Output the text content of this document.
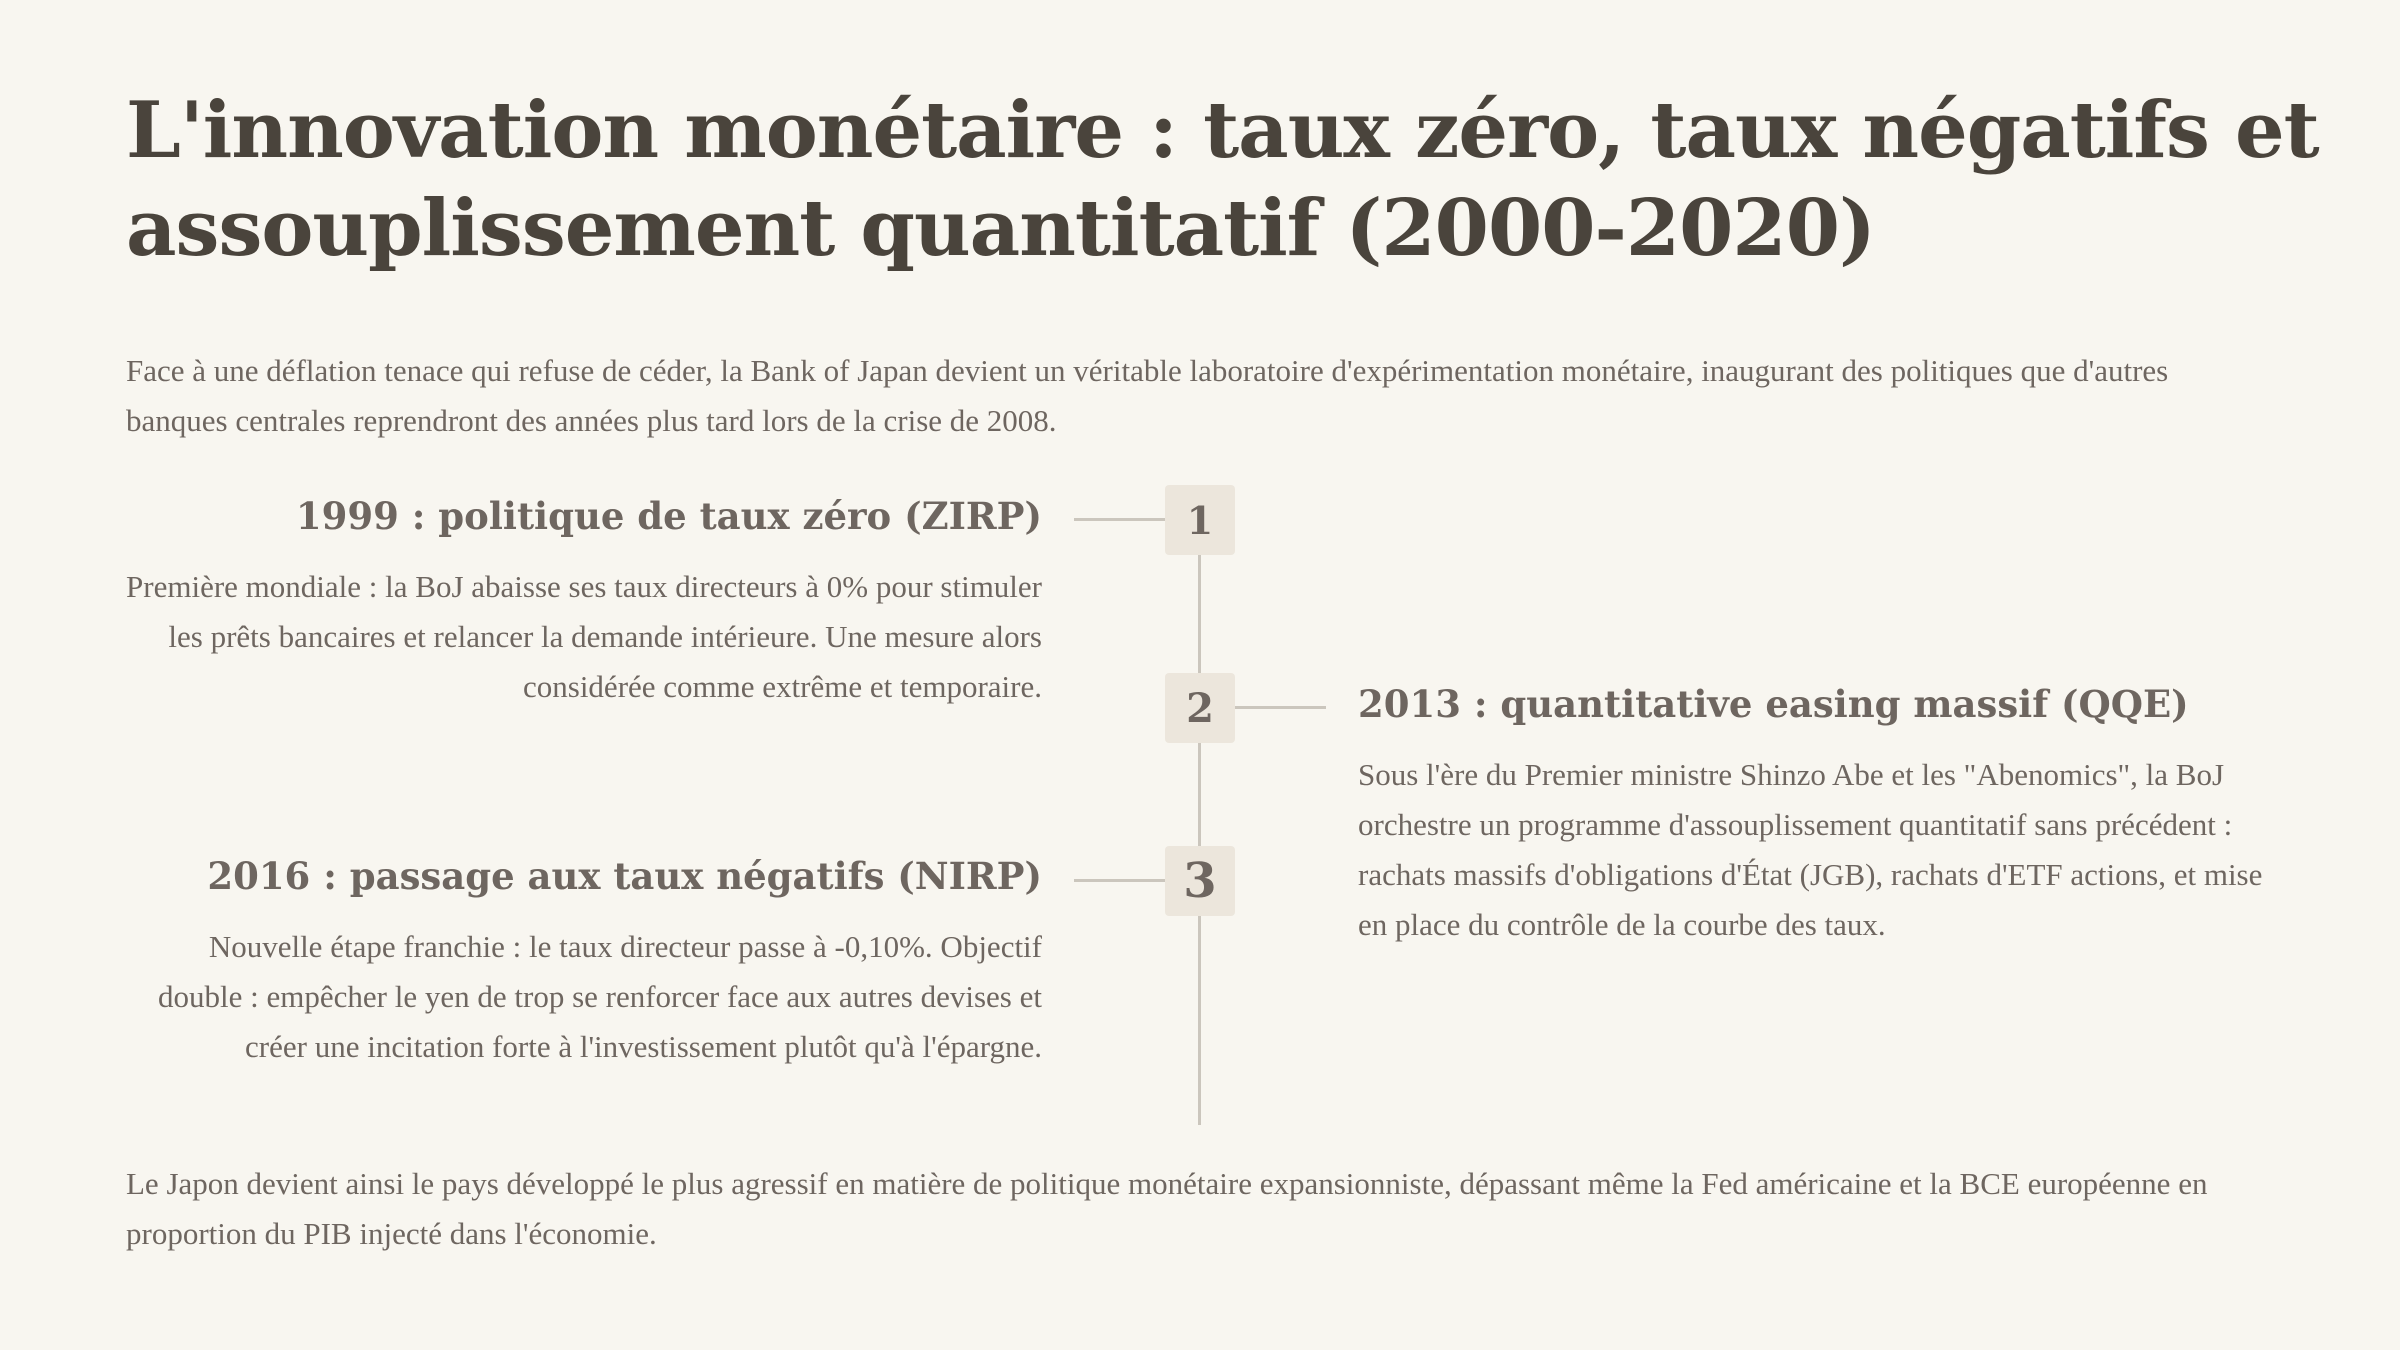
L'innovation monétaire : taux zéro, taux négatifs et assouplissement quantitatif (2000-2020)

Face à une déflation tenace qui refuse de céder, la Bank of Japan devient un véritable laboratoire d'expérimentation monétaire, inaugurant des politiques que d'autres banques centrales reprendront des années plus tard lors de la crise de 2008.

1
2
3
1999 : politique de taux zéro (ZIRP)

Première mondiale : la BoJ abaisse ses taux directeurs à 0% pour stimuler les prêts bancaires et relancer la demande intérieure. Une mesure alors considérée comme extrême et temporaire.	2013 : quantitative easing massif (QQE)

Sous l'ère du Premier ministre Shinzo Abe et les "Abenomics", la BoJ orchestre un programme d'assouplissement quantitatif sans précédent : rachats massifs d'obligations d'État (JGB), rachats d'ETF actions, et mise en place du contrôle de la courbe des taux.

2016 : passage aux taux négatifs (NIRP)

Nouvelle étape franchie : le taux directeur passe à -0,10%. Objectif double : empêcher le yen de trop se renforcer face aux autres devises et créer une incitation forte à l'investissement plutôt qu'à l'épargne.

Le Japon devient ainsi le pays développé le plus agressif en matière de politique monétaire expansionniste, dépassant même la Fed américaine et la BCE européenne en proportion du PIB injecté dans l'économie.
